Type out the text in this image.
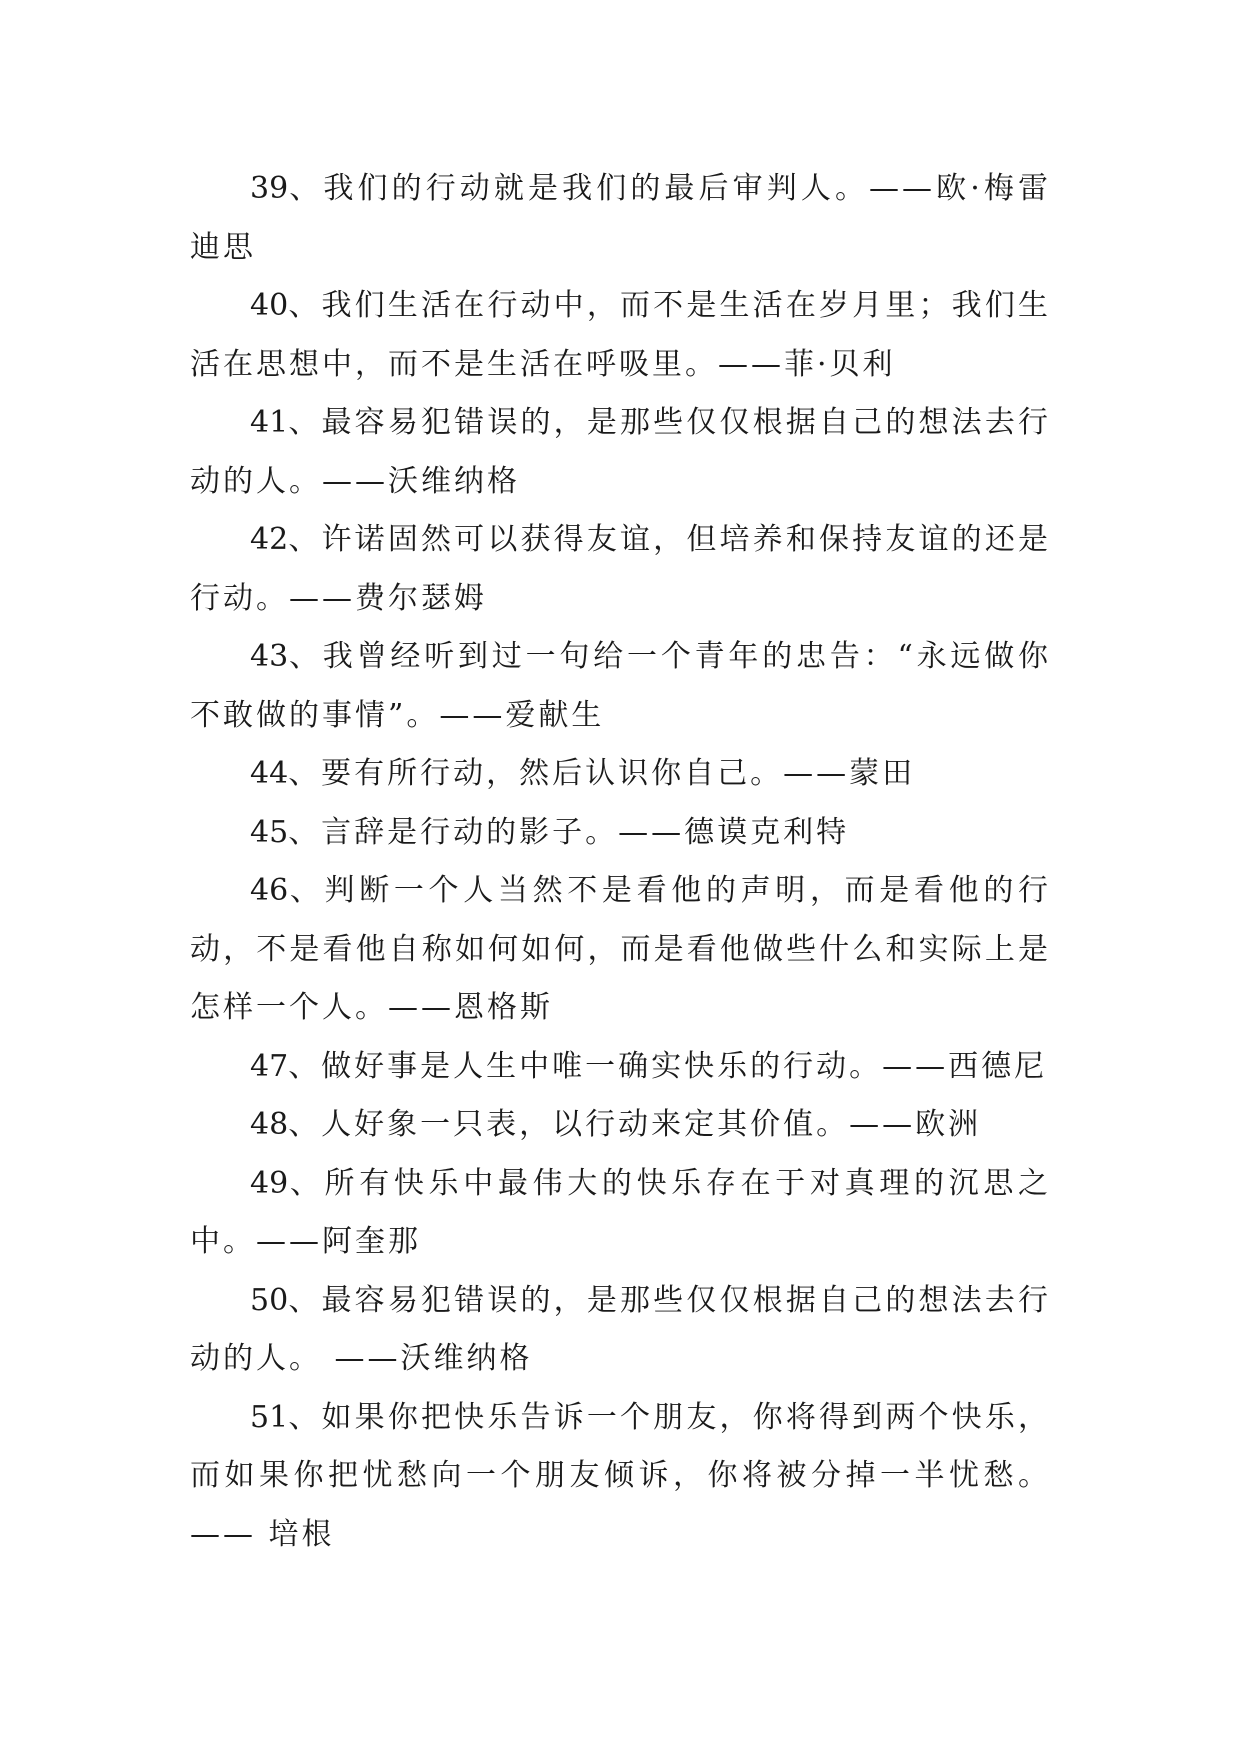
39、我们的行动就是我们的最后审判人。——欧·梅雷迪思

40、我们生活在行动中，而不是生活在岁月里；我们生活在思想中，而不是生活在呼吸里。——菲·贝利

41、最容易犯错误的，是那些仅仅根据自己的想法去行动的人。——沃维纳格

42、许诺固然可以获得友谊，但培养和保持友谊的还是行动。——费尔瑟姆

43、我曾经听到过一句给一个青年的忠告：“永远做你不敢做的事情”。——爱献生

44、要有所行动，然后认识你自己。——蒙田

45、言辞是行动的影子。——德谟克利特

46、判断一个人当然不是看他的声明，而是看他的行动，不是看他自称如何如何，而是看他做些什么和实际上是怎样一个人。——恩格斯

47、做好事是人生中唯一确实快乐的行动。——西德尼

48、人好象一只表，以行动来定其价值。——欧洲

49、所有快乐中最伟大的快乐存在于对真理的沉思之中。——阿奎那

50、最容易犯错误的，是那些仅仅根据自己的想法去行动的人。 ——沃维纳格

51、如果你把快乐告诉一个朋友，你将得到两个快乐，而如果你把忧愁向一个朋友倾诉，你将被分掉一半忧愁。—— 培根
